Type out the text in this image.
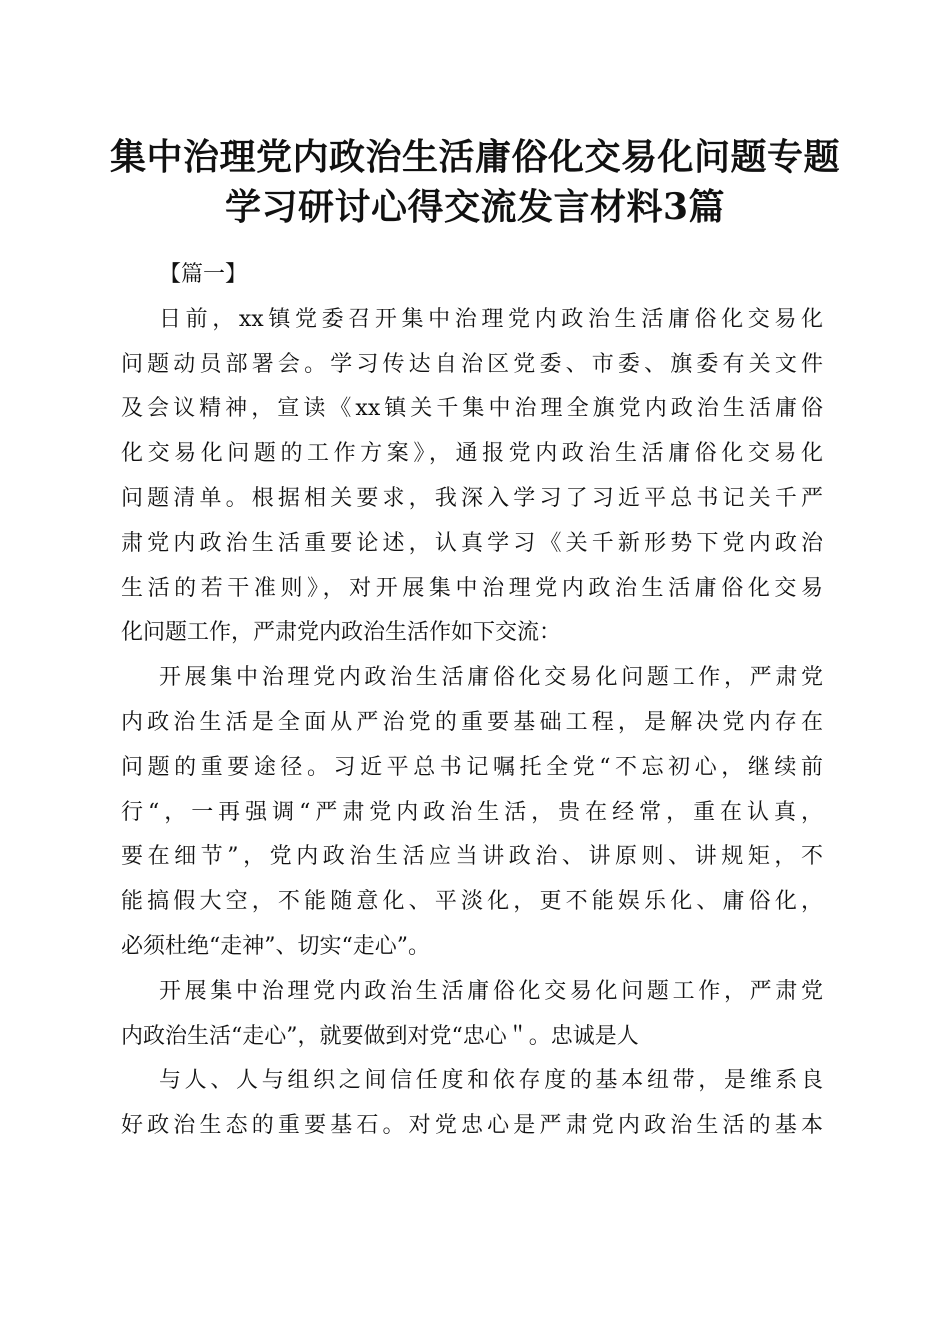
集中治理党内政治生活庸俗化交易化问题专题
学习研讨心得交流发言材料3篇
【篇一】
日前，xx镇党委召开集中治理党内政治生活庸俗化交易化
问题动员部署会。学习传达自治区党委、市委、旗委有关文件
及会议精神，宣读《xx镇关千集中治理全旗党内政治生活庸俗
化交易化问题的工作方案》，通报党内政治生活庸俗化交易化
问题清单。根据相关要求，我深入学习了习近平总书记关千严
肃党内政治生活重要论述，认真学习《关千新形势下党内政治
生活的若干准则》，对开展集中治理党内政治生活庸俗化交易
化问题工作，严肃党内政治生活作如下交流：
开展集中治理党内政治生活庸俗化交易化问题工作，严肃党
内政治生活是全面从严治党的重要基础工程，是解决党内存在
问题的重要途径。习近平总书记嘱托全党“不忘初心，继续前
行“，一再强调“严肃党内政治生活，贵在经常，重在认真，
要在细节”，党内政治生活应当讲政治、讲原则、讲规矩，不
能搞假大空，不能随意化、平淡化，更不能娱乐化、庸俗化，
必须杜绝“走神”、切实“走心”。
开展集中治理党内政治生活庸俗化交易化问题工作，严肃党
内政治生活“走心”，就要做到对党“忠心＂。忠诚是人
与人、人与组织之间信任度和依存度的基本纽带，是维系良
好政治生态的重要基石。对党忠心是严肃党内政治生活的基本
